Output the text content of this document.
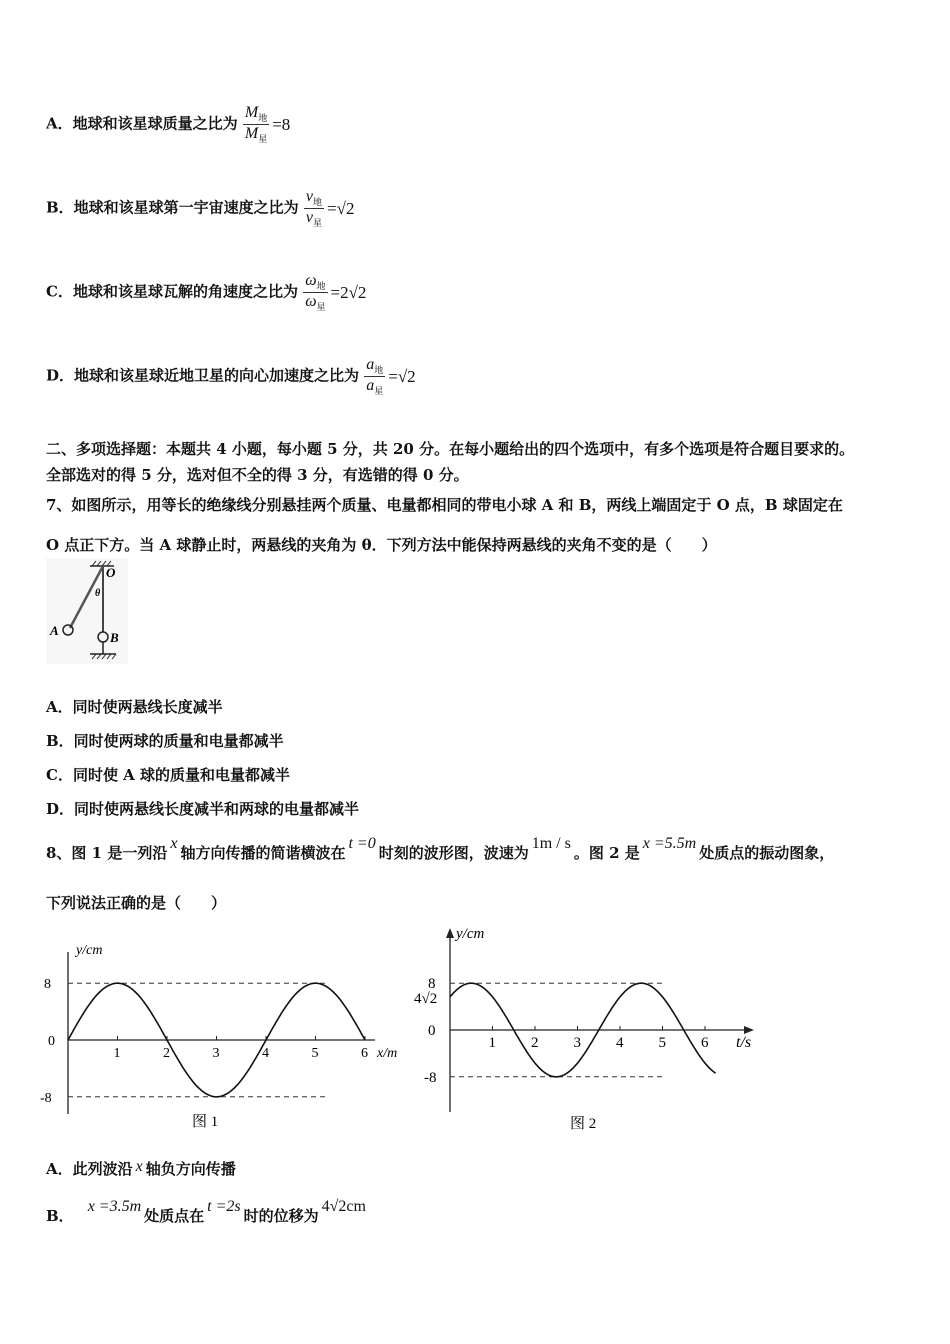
A．地球和该星球质量之比为 $\frac{M_地}{M_星} =8$
B．地球和该星球第一宇宙速度之比为 $\frac{v_地}{v_星} =√2$
C．地球和该星球瓦解的角速度之比为 $\frac{\omega_地}{\omega_星} =2√2$
D．地球和该星球近地卫星的向心加速度之比为 $\frac{a_地}{a_星} =√2$
二、多项选择题：本题共 4 小题，每小题 5 分，共 20 分。在每小题给出的四个选项中，有多个选项是符合题目要求的。
全部选对的得 5 分，选对但不全的得 3 分，有选错的得 0 分。
7、如图所示，用等长的绝缘线分别悬挂两个质量、电量都相同的带电小球 A 和 B，两线上端固定于 O 点，B 球固定在
O 点正下方。当 A 球静止时，两悬线的夹角为 θ．下列方法中能保持两悬线的夹角不变的是（　　）
O
θ
A	B
A．同时使两悬线长度减半
B．同时使两球的质量和电量都减半
C．同时使 A 球的质量和电量都减半
D．同时使两悬线长度减半和两球的电量都减半
8、图 1 是一列沿x轴方向传播的简谐横波在t =0时刻的波形图，波速为1m / s。图 2 是x =5.5m处质点的振动图象，
下列说法正确的是（　　）
1	2	3	4	5	6
8
0
-8
y/cm
x/m
图 1
1 2 3 4 5 6
8
4√2
0
-8
y/cm
t/s
图 2
A．此列波沿 x 轴负方向传播
B．x =3.5m处质点在t =2s时的位移为4√2cm
